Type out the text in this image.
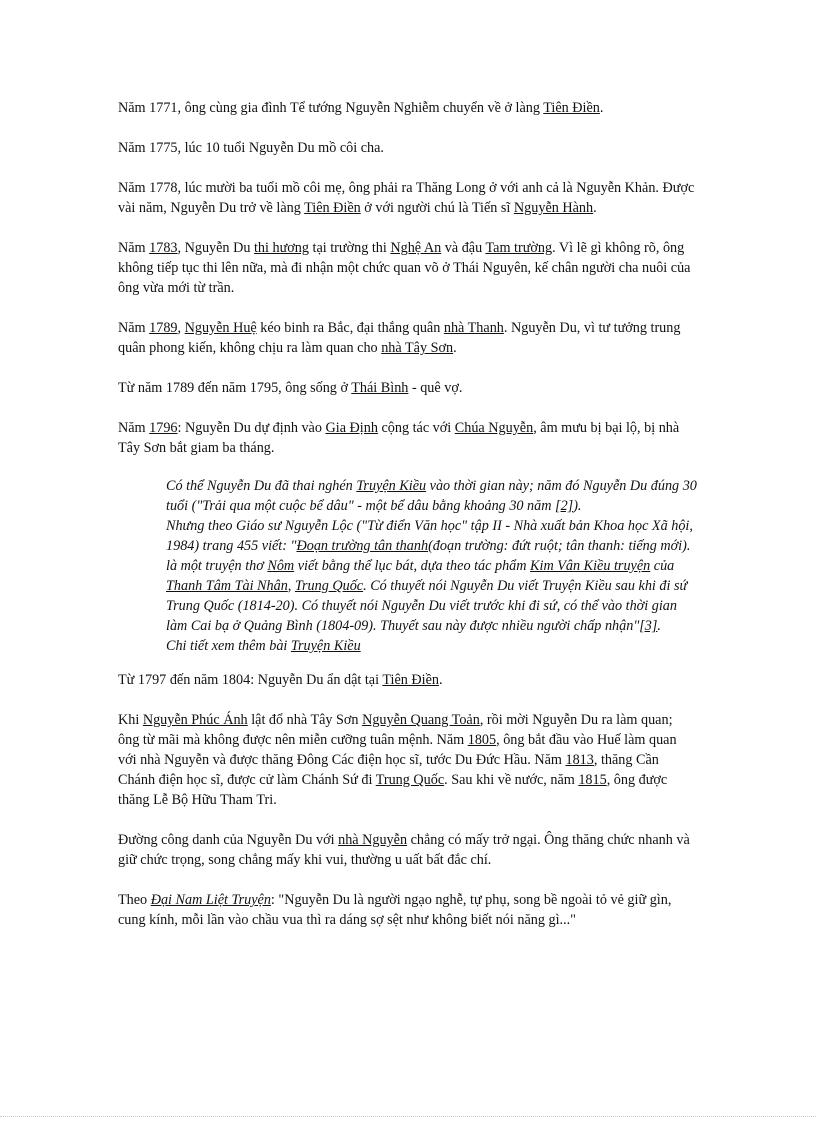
Năm 1771, ông cùng gia đình Tể tướng Nguyễn Nghiễm chuyển về ở làng Tiên Điền.

Năm 1775, lúc 10 tuổi Nguyễn Du mồ côi cha.

Năm 1778, lúc mười ba tuổi mồ côi mẹ, ông phải ra Thăng Long ở với anh cả là Nguyễn Khản. Được vài năm, Nguyễn Du trở về làng Tiên Điền ở với người chú là Tiến sĩ Nguyễn Hành.

Năm 1783, Nguyễn Du thi hương tại trường thi Nghệ An và đậu Tam trường. Vì lẽ gì không rõ, ông không tiếp tục thi lên nữa, mà đi nhận một chức quan võ ở Thái Nguyên, kế chân người cha nuôi của ông vừa mới từ trần.

Năm 1789, Nguyễn Huệ kéo binh ra Bắc, đại thắng quân nhà Thanh. Nguyễn Du, vì tư tưởng trung quân phong kiến, không chịu ra làm quan cho nhà Tây Sơn.

Từ năm 1789 đến năm 1795, ông sống ở Thái Bình - quê vợ.

Năm 1796: Nguyễn Du dự định vào Gia Định cộng tác với Chúa Nguyễn, âm mưu bị bại lộ, bị nhà Tây Sơn bắt giam ba tháng.

Có thể Nguyễn Du đã thai nghén Truyện Kiều vào thời gian này; năm đó Nguyễn Du đúng 30 tuổi ("Trải qua một cuộc bể dâu" - một bể dâu bằng khoảng 30 năm [2]).
Nhưng theo Giáo sư Nguyễn Lộc ("Từ điển Văn học" tập II - Nhà xuất bản Khoa học Xã hội, 1984) trang 455 viết: "Đoạn trường tân thanh(đoạn trường: đứt ruột; tân thanh: tiếng mới). là một truyện thơ Nôm viết bằng thể lục bát, dựa theo tác phẩm Kim Vân Kiều truyện của Thanh Tâm Tài Nhân, Trung Quốc. Có thuyết nói Nguyễn Du viết Truyện Kiều sau khi đi sứ Trung Quốc (1814-20). Có thuyết nói Nguyễn Du viết trước khi đi sứ, có thể vào thời gian làm Cai bạ ở Quảng Bình (1804-09). Thuyết sau này được nhiều người chấp nhận"[3].
Chi tiết xem thêm bài Truyện Kiều

Từ 1797 đến năm 1804: Nguyễn Du ẩn dật tại Tiên Điền.

Khi Nguyễn Phúc Ánh lật đổ nhà Tây Sơn Nguyễn Quang Toản, rồi mời Nguyễn Du ra làm quan; ông từ mãi mà không được nên miễn cưỡng tuân mệnh. Năm 1805, ông bắt đầu vào Huế làm quan với nhà Nguyễn và được thăng Đông Các điện học sĩ, tước Du Đức Hầu. Năm 1813, thăng Cần Chánh điện học sĩ, được cử làm Chánh Sứ đi Trung Quốc. Sau khi về nước, năm 1815, ông được thăng Lễ Bộ Hữu Tham Tri.

Đường công danh của Nguyễn Du với nhà Nguyễn chẳng có mấy trở ngại. Ông thăng chức nhanh và giữ chức trọng, song chẳng mấy khi vui, thường u uất bất đắc chí.

Theo Đại Nam Liệt Truyện: "Nguyễn Du là người ngạo nghễ, tự phụ, song bề ngoài tỏ vẻ giữ gìn, cung kính, mỗi lần vào chầu vua thì ra dáng sợ sệt như không biết nói năng gì..."
